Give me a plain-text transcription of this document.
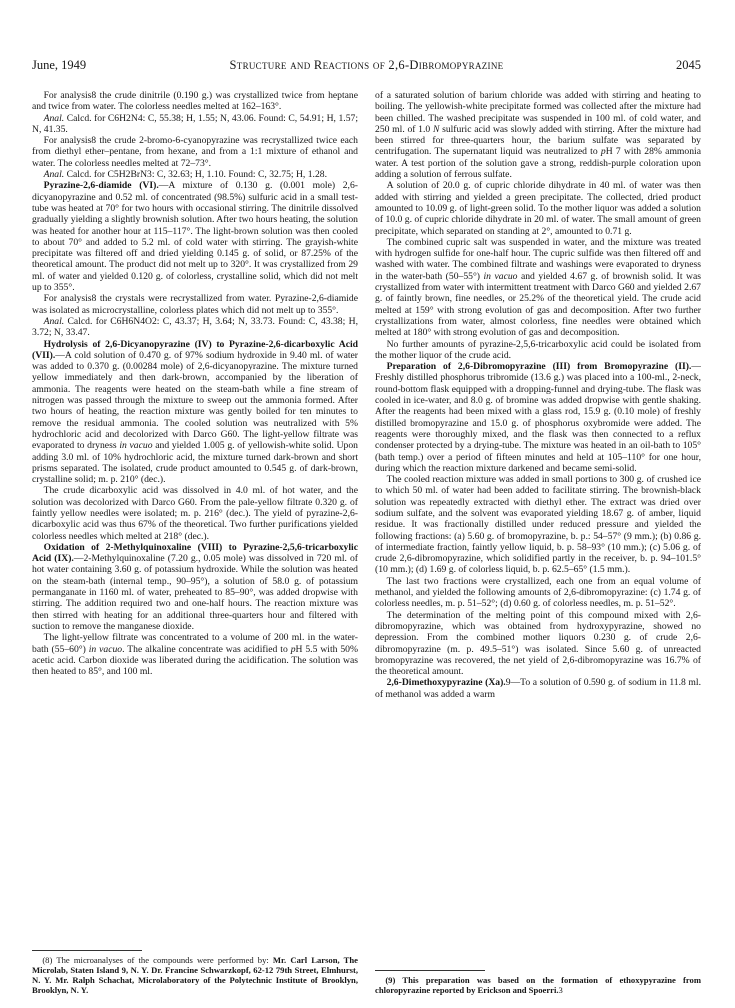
June, 1949	Structure and Reactions of 2,6-Dibromopyrazine	2045

For analysis8 the crude dinitrile (0.190 g.) was crystallized twice from heptane and twice from water. The colorless needles melted at 162–163°.

Anal. Calcd. for C6H2N4: C, 55.38; H, 1.55; N, 43.06. Found: C, 54.91; H, 1.57; N, 41.35.

For analysis8 the crude 2-bromo-6-cyanopyrazine was recrystallized twice each from diethyl ether–pentane, from hexane, and from a 1:1 mixture of ethanol and water. The colorless needles melted at 72–73°.

Anal. Calcd. for C5H2BrN3: C, 32.63; H, 1.10. Found: C, 32.75; H, 1.28.

Pyrazine-2,6-diamide (VI).—A mixture of 0.130 g. (0.001 mole) 2,6-dicyanopyrazine and 0.52 ml. of concentrated (98.5%) sulfuric acid in a small test-tube was heated at 70° for two hours with occasional stirring. The dinitrile dissolved gradually yielding a slightly brownish solution. After two hours heating, the solution was heated for another hour at 115–117°. The light-brown solution was then cooled to about 70° and added to 5.2 ml. of cold water with stirring. The grayish-white precipitate was filtered off and dried yielding 0.145 g. of solid, or 87.25% of the theoretical amount. The product did not melt up to 320°. It was crystallized from 29 ml. of water and yielded 0.120 g. of colorless, crystalline solid, which did not melt up to 355°.

For analysis8 the crystals were recrystallized from water. Pyrazine-2,6-diamide was isolated as microcrystalline, colorless plates which did not melt up to 355°.

Anal. Calcd. for C6H6N4O2: C, 43.37; H, 3.64; N, 33.73. Found: C, 43.38; H, 3.72; N, 33.47.

Hydrolysis of 2,6-Dicyanopyrazine (IV) to Pyrazine-2,6-dicarboxylic Acid (VII).—A cold solution of 0.470 g. of 97% sodium hydroxide in 9.40 ml. of water was added to 0.370 g. (0.00284 mole) of 2,6-dicyanopyrazine. The mixture turned yellow immediately and then dark-brown, accompanied by the liberation of ammonia. The reagents were heated on the steam-bath while a fine stream of nitrogen was passed through the mixture to sweep out the ammonia formed. After two hours of heating, the reaction mixture was gently boiled for ten minutes to remove the residual ammonia. The cooled solution was neutralized with 5% hydrochloric acid and decolorized with Darco G60. The light-yellow filtrate was evaporated to dryness in vacuo and yielded 1.005 g. of yellowish-white solid. Upon adding 3.0 ml. of 10% hydrochloric acid, the mixture turned dark-brown and short prisms separated. The isolated, crude product amounted to 0.545 g. of dark-brown, crystalline solid; m. p. 210° (dec.).

The crude dicarboxylic acid was dissolved in 4.0 ml. of hot water, and the solution was decolorized with Darco G60. From the pale-yellow filtrate 0.320 g. of faintly yellow needles were isolated; m. p. 216° (dec.). The yield of pyrazine-2,6-dicarboxylic acid was thus 67% of the theoretical. Two further purifications yielded colorless needles which melted at 218° (dec.).

Oxidation of 2-Methylquinoxaline (VIII) to Pyrazine-2,5,6-tricarboxylic Acid (IX).—2-Methylquinoxaline (7.20 g., 0.05 mole) was dissolved in 720 ml. of hot water containing 3.60 g. of potassium hydroxide. While the solution was heated on the steam-bath (internal temp., 90–95°), a solution of 58.0 g. of potassium permanganate in 1160 ml. of water, preheated to 85–90°, was added dropwise with stirring. The addition required two and one-half hours. The reaction mixture was then stirred with heating for an additional three-quarters hour and filtered with suction to remove the manganese dioxide.

The light-yellow filtrate was concentrated to a volume of 200 ml. in the water-bath (55–60°) in vacuo. The alkaline concentrate was acidified to pH 5.5 with 50% acetic acid. Carbon dioxide was liberated during the acidification. The solution was then heated to 85°, and 100 ml.

(8) The microanalyses of the compounds were performed by: Mr. Carl Larson, The Microlab, Staten Island 9, N. Y. Dr. Francine Schwarzkopf, 62-12 79th Street, Elmhurst, N. Y. Mr. Ralph Schachat, Microlaboratory of the Polytechnic Institute of Brooklyn, Brooklyn, N. Y.

of a saturated solution of barium chloride was added with stirring and heating to boiling. The yellowish-white precipitate formed was collected after the mixture had been chilled. The washed precipitate was suspended in 100 ml. of cold water, and 250 ml. of 1.0 N sulfuric acid was slowly added with stirring. After the mixture had been stirred for three-quarters hour, the barium sulfate was separated by centrifugation. The supernatant liquid was neutralized to pH 7 with 28% ammonia water. A test portion of the solution gave a strong, reddish-purple coloration upon adding a solution of ferrous sulfate.

A solution of 20.0 g. of cupric chloride dihydrate in 40 ml. of water was then added with stirring and yielded a green precipitate. The collected, dried product amounted to 10.09 g. of light-green solid. To the mother liquor was added a solution of 10.0 g. of cupric chloride dihydrate in 20 ml. of water. The small amount of green precipitate, which separated on standing at 2°, amounted to 0.71 g.

The combined cupric salt was suspended in water, and the mixture was treated with hydrogen sulfide for one-half hour. The cupric sulfide was then filtered off and washed with water. The combined filtrate and washings were evaporated to dryness in the water-bath (50–55°) in vacuo and yielded 4.67 g. of brownish solid. It was crystallized from water with intermittent treatment with Darco G60 and yielded 2.67 g. of faintly brown, fine needles, or 25.2% of the theoretical yield. The crude acid melted at 159° with strong evolution of gas and decomposition. After two further crystallizations from water, almost colorless, fine needles were obtained which melted at 180° with strong evolution of gas and decomposition.

No further amounts of pyrazine-2,5,6-tricarboxylic acid could be isolated from the mother liquor of the crude acid.

Preparation of 2,6-Dibromopyrazine (III) from Bromopyrazine (II).—Freshly distilled phosphorus tribromide (13.6 g.) was placed into a 100-ml., 2-neck, round-bottom flask equipped with a dropping-funnel and drying-tube. The flask was cooled in ice-water, and 8.0 g. of bromine was added dropwise with gentle shaking. After the reagents had been mixed with a glass rod, 15.9 g. (0.10 mole) of freshly distilled bromopyrazine and 15.0 g. of phosphorus oxybromide were added. The reagents were thoroughly mixed, and the flask was then connected to a reflux condenser protected by a drying-tube. The mixture was heated in an oil-bath to 105° (bath temp.) over a period of fifteen minutes and held at 105–110° for one hour, during which the reaction mixture darkened and became semi-solid.

The cooled reaction mixture was added in small portions to 300 g. of crushed ice to which 50 ml. of water had been added to facilitate stirring. The brownish-black solution was repeatedly extracted with diethyl ether. The extract was dried over sodium sulfate, and the solvent was evaporated yielding 18.67 g. of amber, liquid residue. It was fractionally distilled under reduced pressure and yielded the following fractions: (a) 5.60 g. of bromopyrazine, b. p.: 54–57° (9 mm.); (b) 0.86 g. of intermediate fraction, faintly yellow liquid, b. p. 58–93° (10 mm.); (c) 5.06 g. of crude 2,6-dibromopyrazine, which solidified partly in the receiver, b. p. 94–101.5° (10 mm.); (d) 1.69 g. of colorless liquid, b. p. 62.5–65° (1.5 mm.).

The last two fractions were crystallized, each one from an equal volume of methanol, and yielded the following amounts of 2,6-dibromopyrazine: (c) 1.74 g. of colorless needles, m. p. 51–52°; (d) 0.60 g. of colorless needles, m. p. 51–52°.

The determination of the melting point of this compound mixed with 2,6-dibromopyrazine, which was obtained from hydroxypyrazine, showed no depression. From the combined mother liquors 0.230 g. of crude 2,6-dibromopyrazine (m. p. 49.5–51°) was isolated. Since 5.60 g. of unreacted bromopyrazine was recovered, the net yield of 2,6-dibromopyrazine was 16.7% of the theoretical amount.

2,6-Dimethoxypyrazine (Xa).9—To a solution of 0.590 g. of sodium in 11.8 ml. of methanol was added a warm

(9) This preparation was based on the formation of ethoxypyrazine from chloropyrazine reported by Erickson and Spoerri.3
